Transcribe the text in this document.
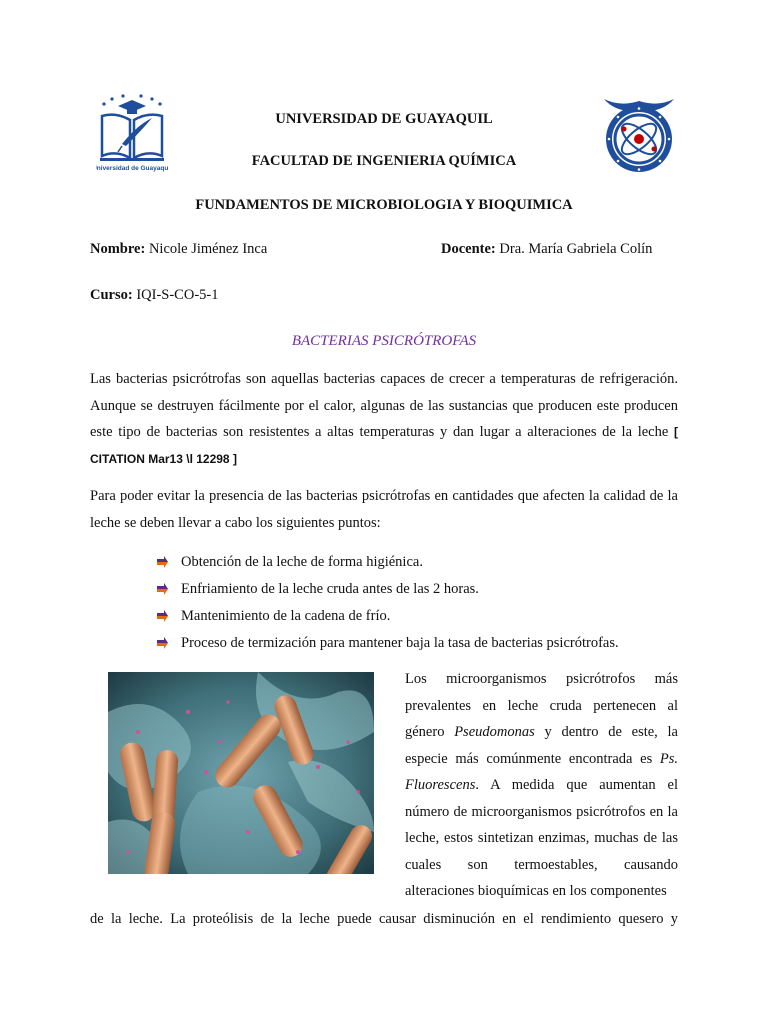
Universidad de Guayaquil
UNIVERSIDAD DE GUAYAQUIL
FACULTAD DE INGENIERIA QUÍMICA
FUNDAMENTOS DE MICROBIOLOGIA Y BIOQUIMICA
Nombre: Nicole Jiménez Inca	Docente: Dra. María Gabriela Colín
Curso: IQI-S-CO-5-1
BACTERIAS PSICRÓTROFAS
Las bacterias psicrótrofas son aquellas bacterias capaces de crecer a temperaturas de refrigeración. Aunque se destruyen fácilmente por el calor, algunas de las sustancias que producen este producen este tipo de bacterias son resistentes a altas temperaturas y dan lugar a alteraciones de la leche [ CITATION Mar13 \l 12298 ]
Para poder evitar la presencia de las bacterias psicrótrofas en cantidades que afecten la calidad de la leche se deben llevar a cabo los siguientes puntos:
Obtención de la leche de forma higiénica.
Enfriamiento de la leche cruda antes de las 2 horas.
Mantenimiento de la cadena de frío.
Proceso de termización para mantener baja la tasa de bacterias psicrótrofas.
Los microorganismos psicrótrofos más prevalentes en leche cruda pertenecen al género Pseudomonas y dentro de este, la especie más comúnmente encontrada es Ps. Fluorescens. A medida que aumentan el número de microorganismos psicrótrofos en la leche, estos sintetizan enzimas, muchas de las cuales son termoestables, causando alteraciones bioquímicas en los componentes
de la leche. La proteólisis de la leche puede causar disminución en el rendimiento quesero y
